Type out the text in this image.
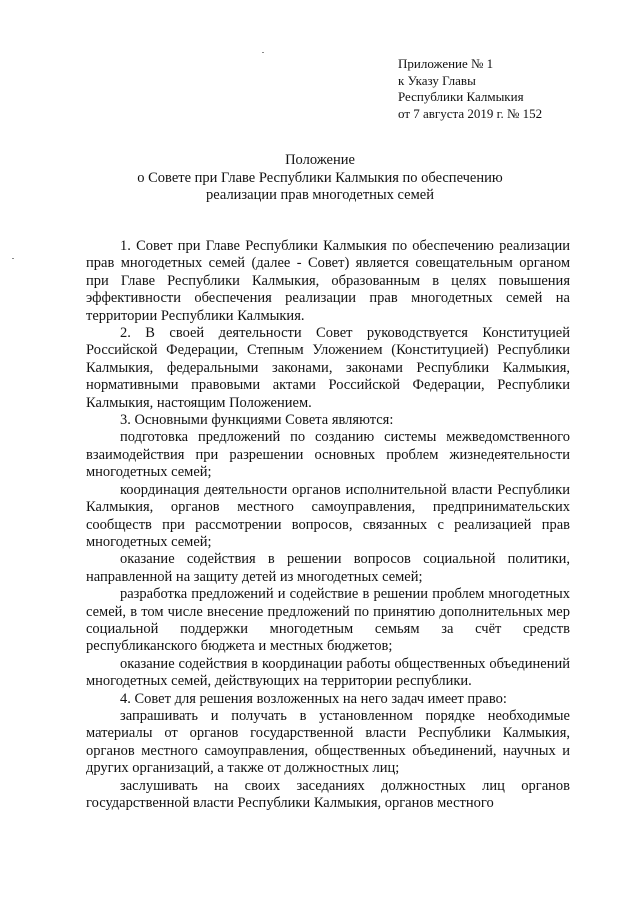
Приложение № 1
к Указу Главы
Республики Калмыкия
от 7 августа 2019 г. № 152
Положение
о Совете при Главе Республики Калмыкия по обеспечению
реализации прав многодетных семей

1. Совет при Главе Республики Калмыкия по обеспечению реализации прав многодетных семей (далее - Совет) является совещательным органом при Главе Республики Калмыкия, образованным в целях повышения эффективности обеспечения реализации прав многодетных семей на территории Республики Калмыкия.

2. В своей деятельности Совет руководствуется Конституцией Российской Федерации, Степным Уложением (Конституцией) Республики Калмыкия, федеральными законами, законами Республики Калмыкия, нормативными правовыми актами Российской Федерации, Республики Калмыкия, настоящим Положением.

3. Основными функциями Совета являются:

подготовка предложений по созданию системы межведомственного взаимодействия при разрешении основных проблем жизнедеятельности многодетных семей;

координация деятельности органов исполнительной власти Республики Калмыкия, органов местного самоуправления, предпринимательских сообществ при рассмотрении вопросов, связанных с реализацией прав многодетных семей;

оказание содействия в решении вопросов социальной политики, направленной на защиту детей из многодетных семей;

разработка предложений и содействие в решении проблем многодетных семей, в том числе внесение предложений по принятию дополнительных мер социальной поддержки многодетным семьям за счёт средств республиканского бюджета и местных бюджетов;

оказание содействия в координации работы общественных объединений многодетных семей, действующих на территории республики.

4. Совет для решения возложенных на него задач имеет право:

запрашивать и получать в установленном порядке необходимые материалы от органов государственной власти Республики Калмыкия, органов местного самоуправления, общественных объединений, научных и других организаций, а также от должностных лиц;

заслушивать на своих заседаниях должностных лиц органов государственной власти Республики Калмыкия, органов местного
